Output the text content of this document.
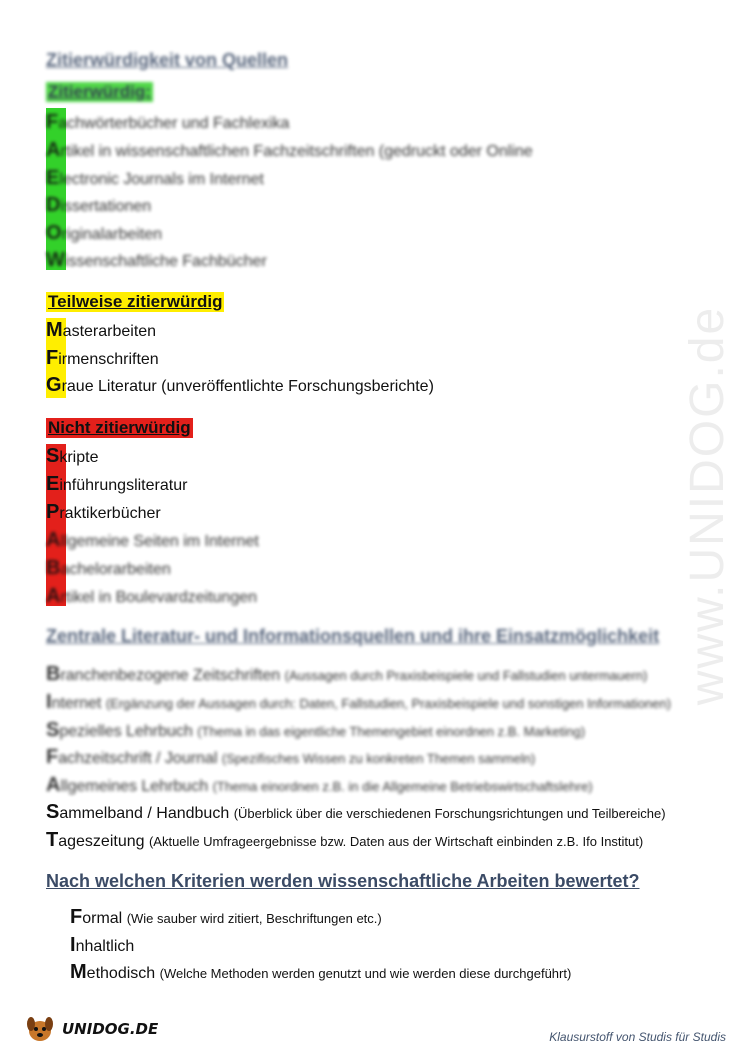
www.UNIDOG.de
Zitierwürdigkeit von Quellen
Zitierwürdig:
Fachwörterbücher und Fachlexika
Artikel in wissenschaftlichen Fachzeitschriften (gedruckt oder Online
Electronic Journals im Internet
Dissertationen
Originalarbeiten
Wissenschaftliche Fachbücher
Teilweise zitierwürdig
Masterarbeiten
Firmenschriften
Graue Literatur (unveröffentlichte Forschungsberichte)
Nicht zitierwürdig
Skripte
Einführungsliteratur
Praktikerbücher
Allgemeine Seiten im Internet
Bachelorarbeiten
Artikel in Boulevardzeitungen
Zentrale Literatur- und Informationsquellen und ihre Einsatzmöglichkeit
Branchenbezogene Zeitschriften (Aussagen durch Praxisbeispiele und Fallstudien untermauern)
Internet (Ergänzung der Aussagen durch: Daten, Fallstudien, Praxisbeispiele und sonstigen Informationen)
Spezielles Lehrbuch (Thema in das eigentliche Themengebiet einordnen z.B. Marketing)
Fachzeitschrift / Journal (Spezifisches Wissen zu konkreten Themen sammeln)
Allgemeines Lehrbuch (Thema einordnen z.B. in die Allgemeine Betriebswirtschaftslehre)
Sammelband / Handbuch (Überblick über die verschiedenen Forschungsrichtungen und Teilbereiche)
Tageszeitung (Aktuelle Umfrageergebnisse bzw. Daten aus der Wirtschaft einbinden z.B. Ifo Institut)
Nach welchen Kriterien werden wissenschaftliche Arbeiten bewertet?
Formal (Wie sauber wird zitiert, Beschriftungen etc.)
Inhaltlich
Methodisch (Welche Methoden werden genutzt und wie werden diese durchgeführt)
UNIDOG.DE	Klausurstoff von Studis für Studis
